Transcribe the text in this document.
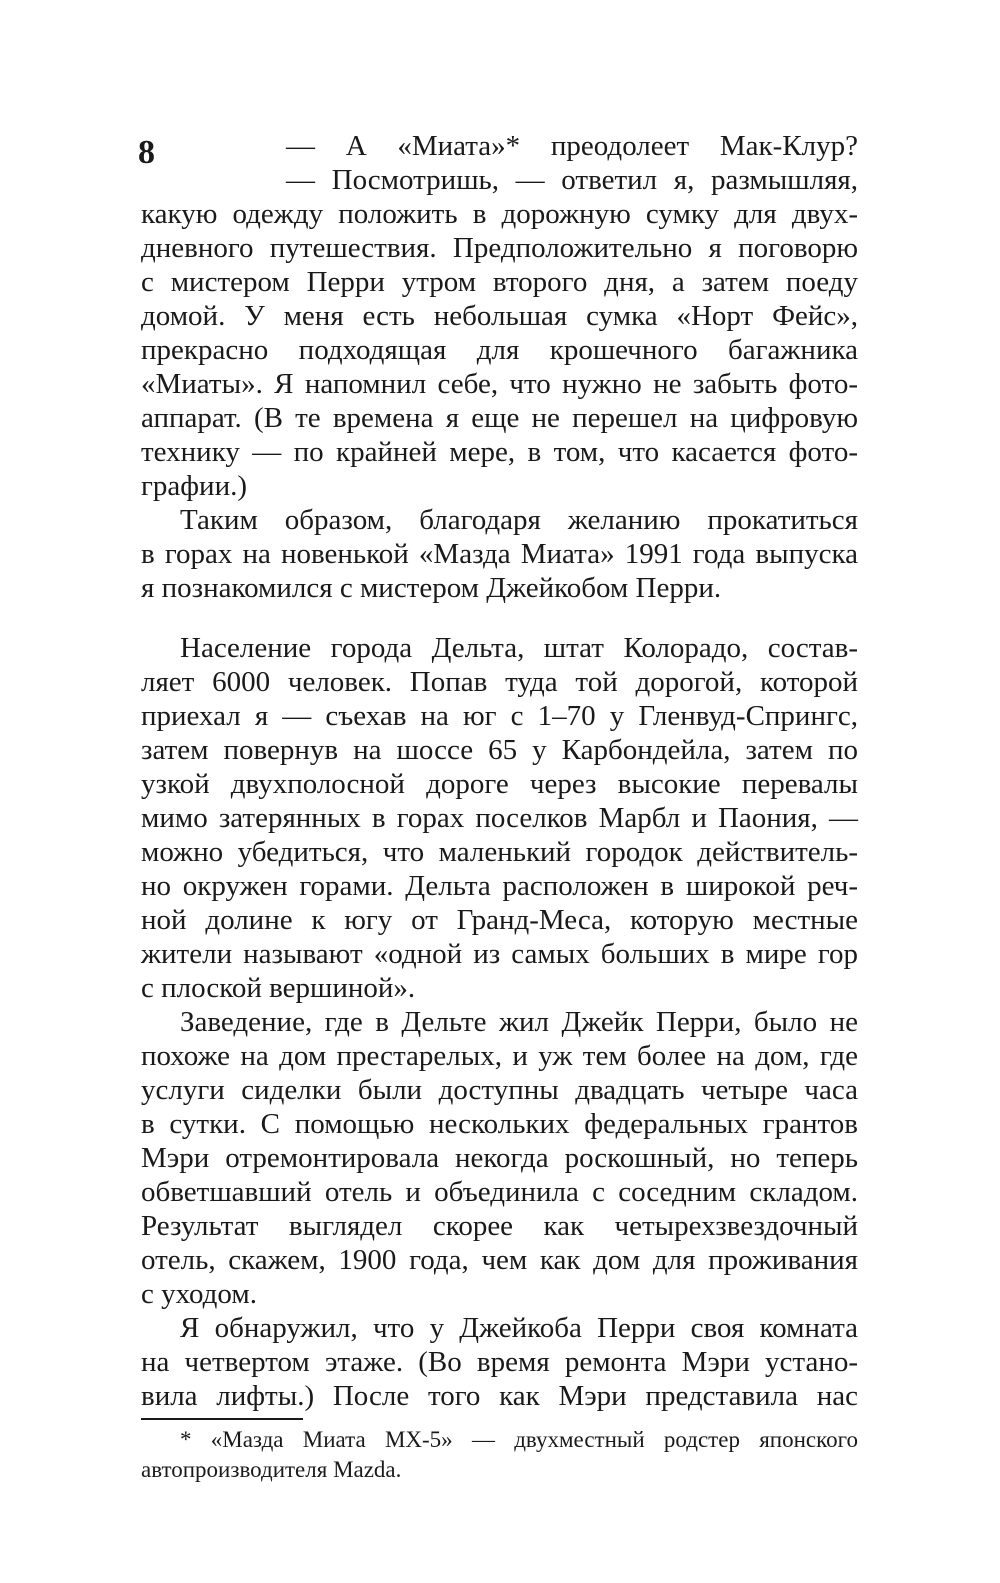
8	— А «Миата»* преодолеет Мак-Клур?
— Посмотришь, — ответил я, размышляя,
какую одежду положить в дорожную сумку для двух-
дневного путешествия. Предположительно я поговорю
с мистером Перри утром второго дня, а затем поеду
домой. У меня есть небольшая сумка «Норт Фейс»,
прекрасно подходящая для крошечного багажника
«Миаты». Я напомнил себе, что нужно не забыть фото-
аппарат. (В те времена я еще не перешел на цифровую
технику — по крайней мере, в том, что касается фото-
графии.)
Таким образом, благодаря желанию прокатиться
в горах на новенькой «Мазда Миата» 1991 года выпуска
я познакомился с мистером Джейкобом Перри.
Население города Дельта, штат Колорадо, состав-
ляет 6000 человек. Попав туда той дорогой, которой
приехал я — съехав на юг с 1–70 у Гленвуд-Спрингс,
затем повернув на шоссе 65 у Карбондейла, затем по
узкой двухполосной дороге через высокие перевалы
мимо затерянных в горах поселков Марбл и Паония, —
можно убедиться, что маленький городок действитель-
но окружен горами. Дельта расположен в широкой реч-
ной долине к югу от Гранд-Меса, которую местные
жители называют «одной из самых больших в мире гор
с плоской вершиной».
Заведение, где в Дельте жил Джейк Перри, было не
похоже на дом престарелых, и уж тем более на дом, где
услуги сиделки были доступны двадцать четыре часа
в сутки. С помощью нескольких федеральных грантов
Мэри отремонтировала некогда роскошный, но теперь
обветшавший отель и объединила с соседним складом.
Результат выглядел скорее как четырехзвездочный
отель, скажем, 1900 года, чем как дом для проживания
с уходом.
Я обнаружил, что у Джейкоба Перри своя комната
на четвертом этаже. (Во время ремонта Мэри устано-
вила лифты.) После того как Мэри представила нас
* «Мазда Миата МХ-5» — двухместный родстер японского
автопроизводителя Mazda.
